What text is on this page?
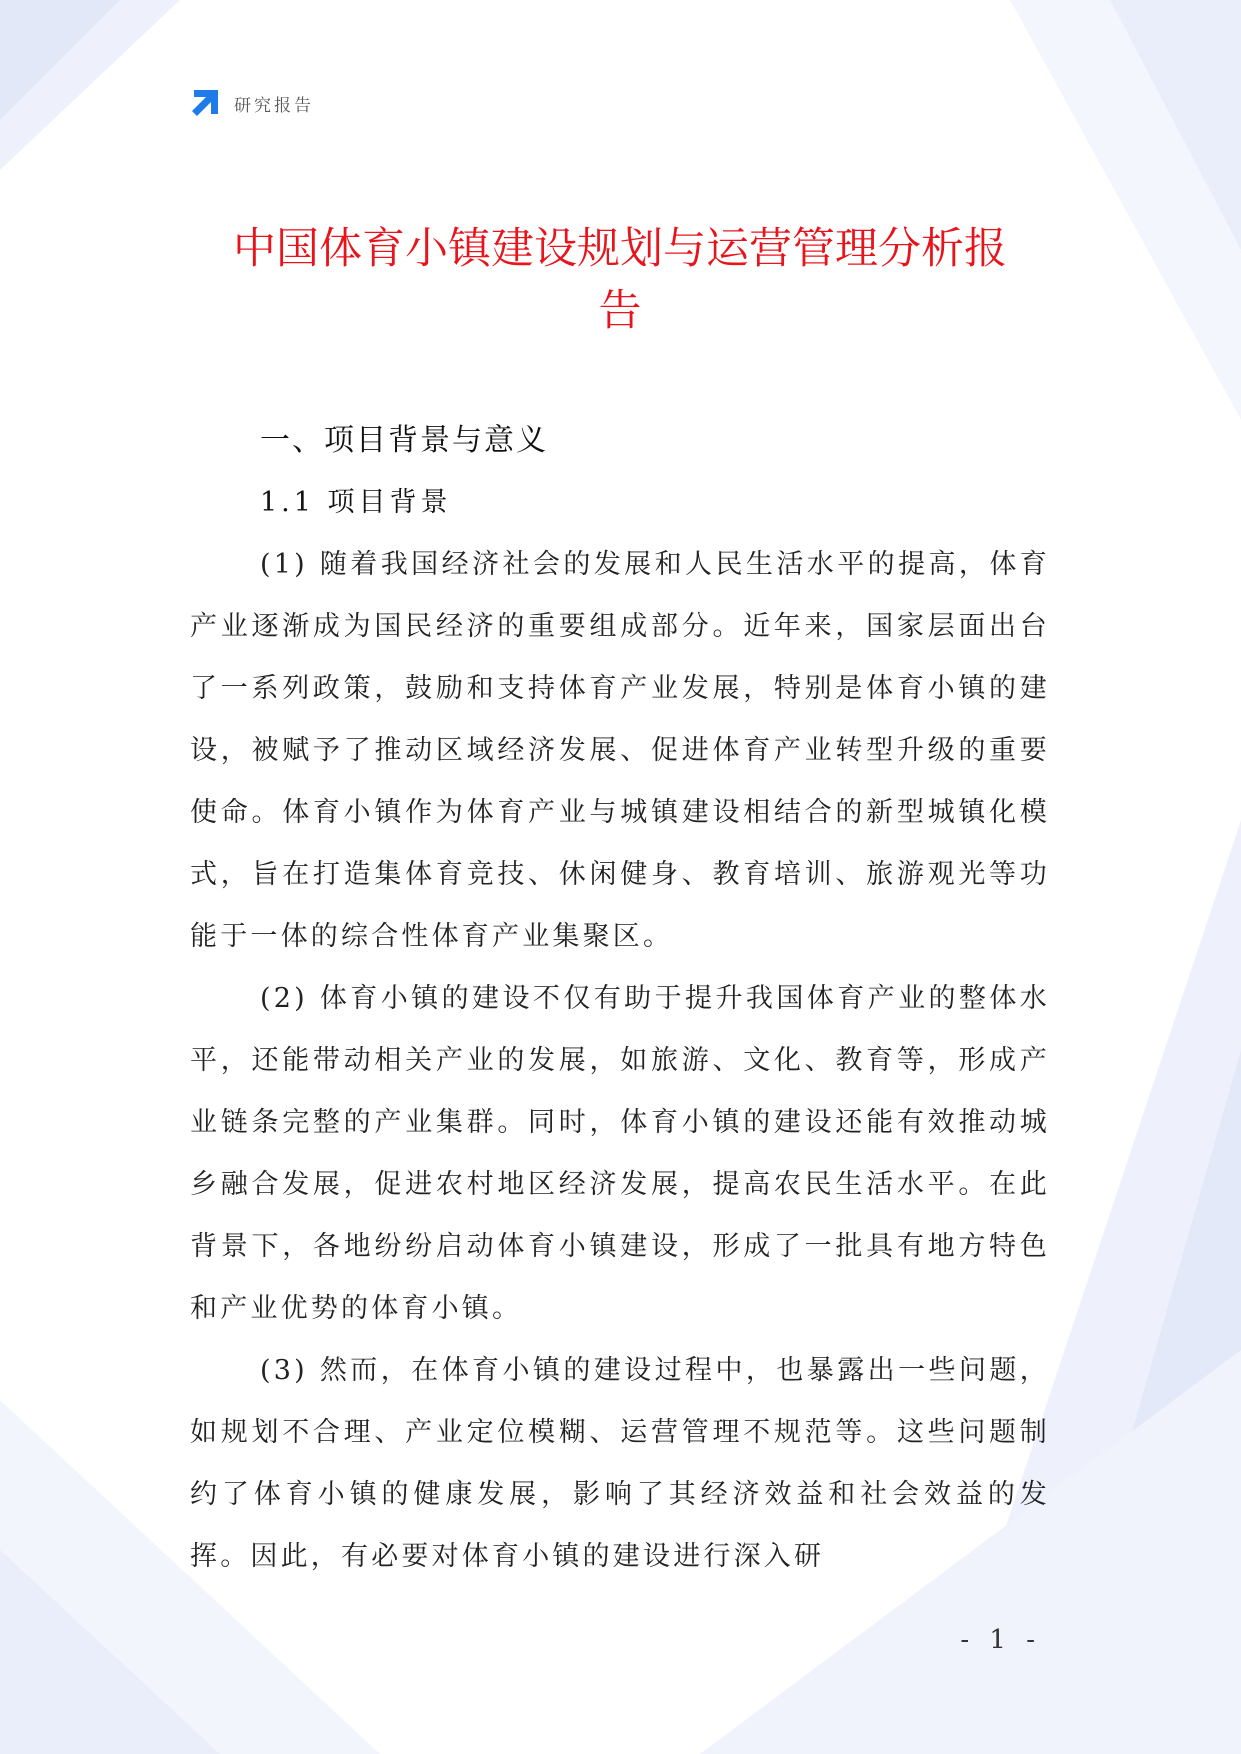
研究报告
中国体育小镇建设规划与运营管理分析报
告
一、项目背景与意义
1.1 项目背景

(1) 随着我国经济社会的发展和人民生活水平的提高，体育产业逐渐成为国民经济的重要组成部分。近年来，国家层面出台了一系列政策，鼓励和支持体育产业发展，特别是体育小镇的建设，被赋予了推动区域经济发展、促进体育产业转型升级的重要使命。体育小镇作为体育产业与城镇建设相结合的新型城镇化模式，旨在打造集体育竞技、休闲健身、教育培训、旅游观光等功能于一体的综合性体育产业集聚区。

(2) 体育小镇的建设不仅有助于提升我国体育产业的整体水平，还能带动相关产业的发展，如旅游、文化、教育等，形成产业链条完整的产业集群。同时，体育小镇的建设还能有效推动城乡融合发展，促进农村地区经济发展，提高农民生活水平。在此背景下，各地纷纷启动体育小镇建设，形成了一批具有地方特色和产业优势的体育小镇。

(3) 然而，在体育小镇的建设过程中，也暴露出一些问题，如规划不合理、产业定位模糊、运营管理不规范等。这些问题制约了体育小镇的健康发展，影响了其经济效益和社会效益的发挥。因此，有必要对体育小镇的建设进行深入研

- 1 -
